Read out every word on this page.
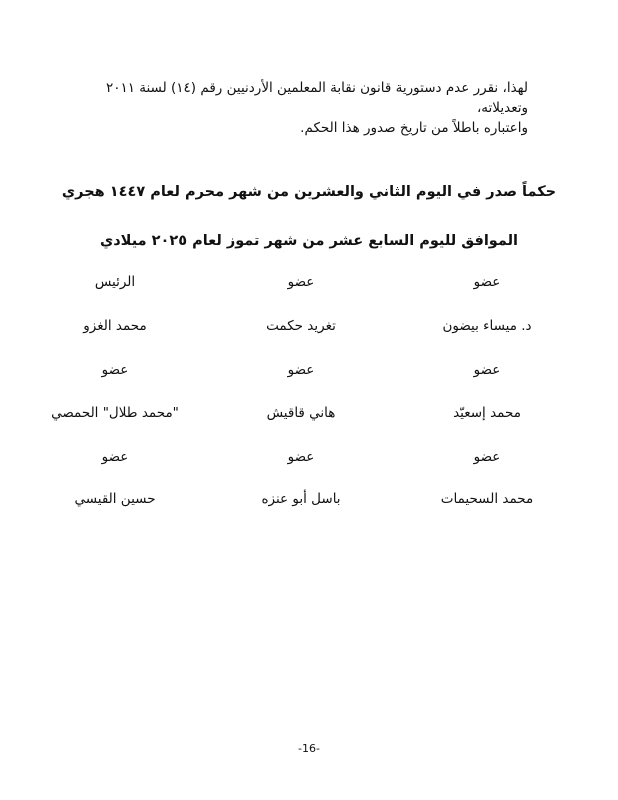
لهذا، نقرر عدم دستورية قانون نقابة المعلمين الأردنيين رقم (١٤) لسنة ٢٠١١ وتعديلاته،

واعتباره باطلاً من تاريخ صدور هذا الحكم.

حكماً صدر في اليوم الثاني والعشرين من شهر محرم لعام ١٤٤٧ هجري
الموافق لليوم السابع عشر من شهر تموز لعام ٢٠٢٥ ميلادي
عضو
عضو
الرئيس
د. ميساء بيضون
تغريد حكمت
محمد الغزو
عضو
عضو
عضو
محمد إسعيّد
هاني قاقيش
"محمد طلال" الحمصي
عضو
عضو
عضو
محمد السحيمات
باسل أبو عنزه
حسين القيسي
-16-
